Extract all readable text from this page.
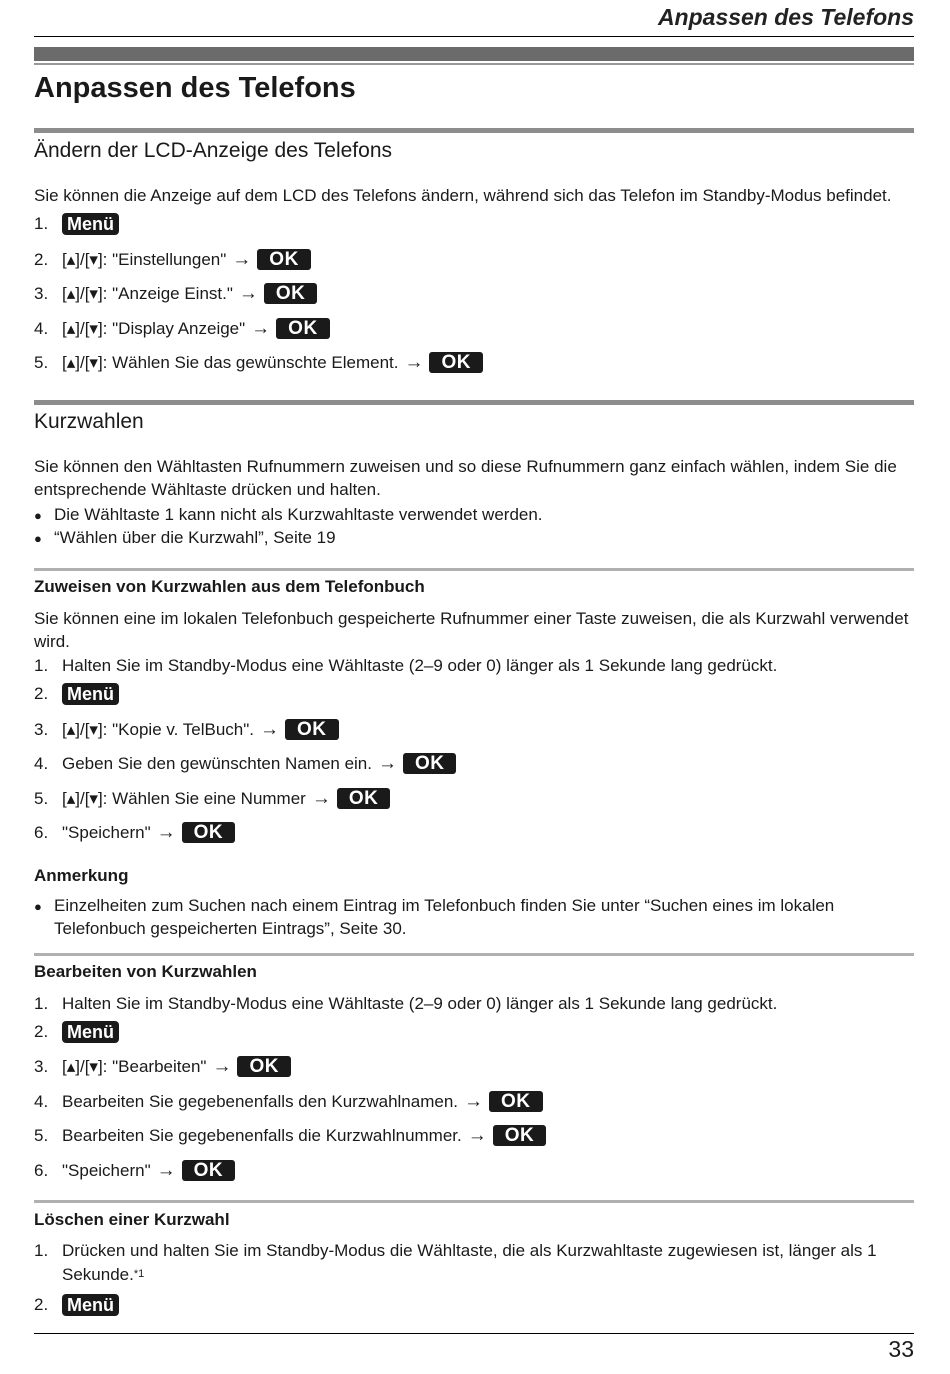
Anpassen des Telefons
Anpassen des Telefons
Ändern der LCD-Anzeige des Telefons
Sie können die Anzeige auf dem LCD des Telefons ändern, während sich das Telefon im Standby-Modus befindet.
1.	Menü
2. [▴]/[▾]:
"Einstellungen" → OK
3. [▴]/[▾]:
"Anzeige Einst." → OK
4. [▴]/[▾]:
"Display Anzeige" → OK
5. [▴]/[▾]:
Wählen Sie das gewünschte Element. → OK
Kurzwahlen
Sie können den Wähltasten Rufnummern zuweisen und so diese Rufnummern ganz einfach wählen, indem Sie die entsprechende Wähltaste drücken und halten.
● Die Wähltaste 1 kann nicht als Kurzwahltaste verwendet werden.
● “Wählen über die Kurzwahl”, Seite 19
Zuweisen von Kurzwahlen aus dem Telefonbuch
Sie können eine im lokalen Telefonbuch gespeicherte Rufnummer einer Taste zuweisen, die als Kurzwahl verwendet wird.
1. Halten Sie im Standby-Modus eine Wähltaste (2–9 oder 0) länger als 1 Sekunde lang gedrückt.
2.	Menü
3. [▴]/[▾]:
"Kopie v. TelBuch". → OK
4. Geben Sie den gewünschten Namen ein. → OK
5. [▴]/[▾]:
Wählen Sie eine Nummer → OK
6. "Speichern" → OK
Anmerkung
● Einzelheiten zum Suchen nach einem Eintrag im Telefonbuch finden Sie unter “Suchen eines im lokalen Telefonbuch gespeicherten Eintrags”, Seite 30.
Bearbeiten von Kurzwahlen
1. Halten Sie im Standby-Modus eine Wähltaste (2–9 oder 0) länger als 1 Sekunde lang gedrückt.
2.	Menü
3. [▴]/[▾]:
"Bearbeiten" → OK
4. Bearbeiten Sie gegebenenfalls den Kurzwahlnamen. → OK
5. Bearbeiten Sie gegebenenfalls die Kurzwahlnummer. → OK
6. "Speichern" → OK
Löschen einer Kurzwahl
1. Drücken und halten Sie im Standby-Modus die Wähltaste, die als Kurzwahltaste zugewiesen ist, länger als 1
Sekunde. *1
2.	Menü
33
